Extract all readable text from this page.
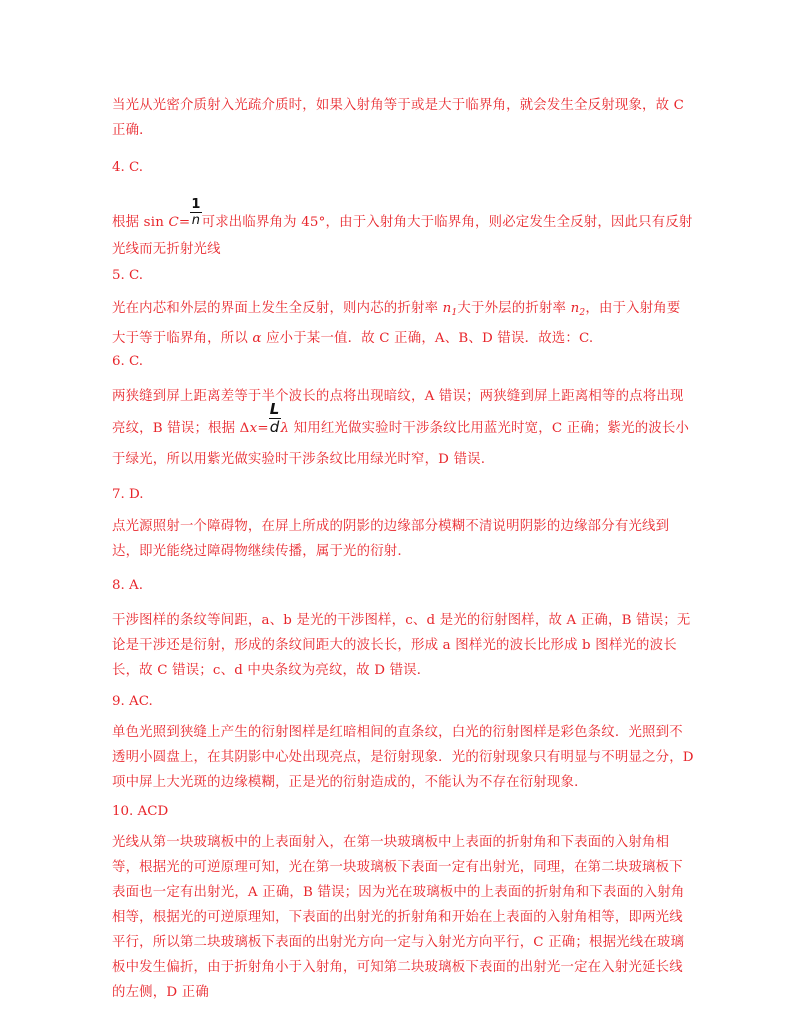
当光从光密介质射入光疏介质时，如果入射角等于或是大于临界角，就会发生全反射现象，故 C 正确．

4. C.

根据 $\sin C= \frac{1}{n}$ 可求出临界角为 45°，由于入射角大于临界角，则必定发生全反射，因此只有反射光线而无折射光线

5. C.

光在内芯和外层的界面上发生全反射，则内芯的折射率 $n_1$大于外层的折射率 $n_2$，由于入射角要大于等于临界角，所以 α 应小于某一值．故 C 正确，A、B、D 错误．故选：C.

6. C.

两狭缝到屏上距离差等于半个波长的点将出现暗纹，A 错误；两狭缝到屏上距离相等的点将出现亮纹，B 错误；根据 $\Delta x= \frac{L}{d}$ λ 知用红光做实验时干涉条纹比用蓝光时宽，C 正确；紫光的波长小于绿光，所以用紫光做实验时干涉条纹比用绿光时窄，D 错误.

7. D.

点光源照射一个障碍物，在屏上所成的阴影的边缘部分模糊不清说明阴影的边缘部分有光线到达，即光能绕过障碍物继续传播，属于光的衍射.

8. A.

干涉图样的条纹等间距，a、b 是光的干涉图样，c、d 是光的衍射图样，故 A 正确，B 错误；无论是干涉还是衍射，形成的条纹间距大的波长长，形成 a 图样光的波长比形成 b 图样光的波长长，故 C 错误；c、d 中央条纹为亮纹，故 D 错误．

9. AC.

单色光照到狭缝上产生的衍射图样是红暗相间的直条纹，白光的衍射图样是彩色条纹．光照到不透明小圆盘上，在其阴影中心处出现亮点，是衍射现象．光的衍射现象只有明显与不明显之分，D 项中屏上大光斑的边缘模糊，正是光的衍射造成的，不能认为不存在衍射现象．

10. ACD

光线从第一块玻璃板中的上表面射入，在第一块玻璃板中上表面的折射角和下表面的入射角相等，根据光的可逆原理可知，光在第一块玻璃板下表面一定有出射光，同理，在第二块玻璃板下表面也一定有出射光，A 正确，B 错误；因为光在玻璃板中的上表面的折射角和下表面的入射角相等，根据光的可逆原理知，下表面的出射光的折射角和开始在上表面的入射角相等，即两光线平行，所以第二块玻璃板下表面的出射光方向一定与入射光方向平行，C 正确；根据光线在玻璃板中发生偏折，由于折射角小于入射角，可知第二块玻璃板下表面的出射光一定在入射光延长线的左侧，D 正确
